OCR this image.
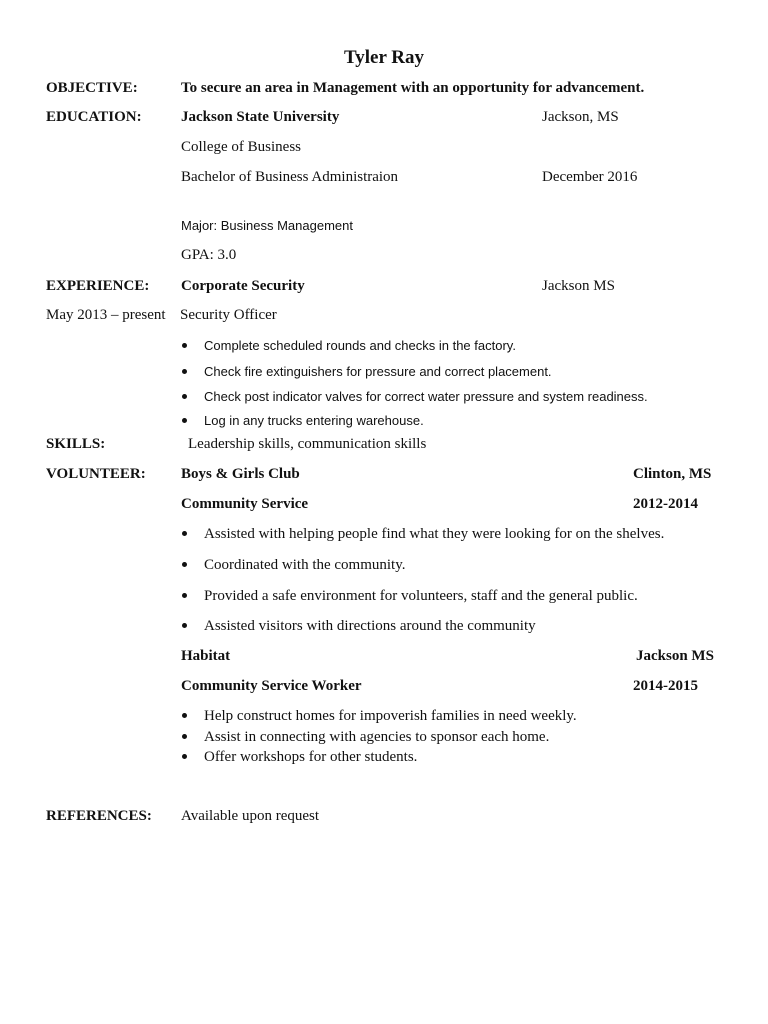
Tyler Ray
OBJECTIVE:	To secure an area in Management with an opportunity for advancement.
EDUCATION:	Jackson State University	Jackson, MS
College of Business
Bachelor of Business Administraion	December 2016
Major: Business Management
GPA: 3.0
EXPERIENCE: Corporate Security	Jackson MS
May 2013 – present Security Officer
Complete scheduled rounds and checks in the factory.
Check fire extinguishers for pressure and correct placement.
Check post indicator valves for correct water pressure and system readiness.
Log in any trucks entering warehouse.
SKILLS:	Leadership skills, communication skills
VOLUNTEER: Boys & Girls Club	Clinton, MS
Community Service	2012-2014
Assisted with helping people find what they were looking for on the shelves.
Coordinated with the community.
Provided a safe environment for volunteers, staff and the general public.
Assisted visitors with directions around the community
Habitat	Jackson MS
Community Service Worker	2014-2015
Help construct homes for impoverish families in need weekly.
Assist in connecting with agencies to sponsor each home.
Offer workshops for other students.
REFERENCES: Available upon request
